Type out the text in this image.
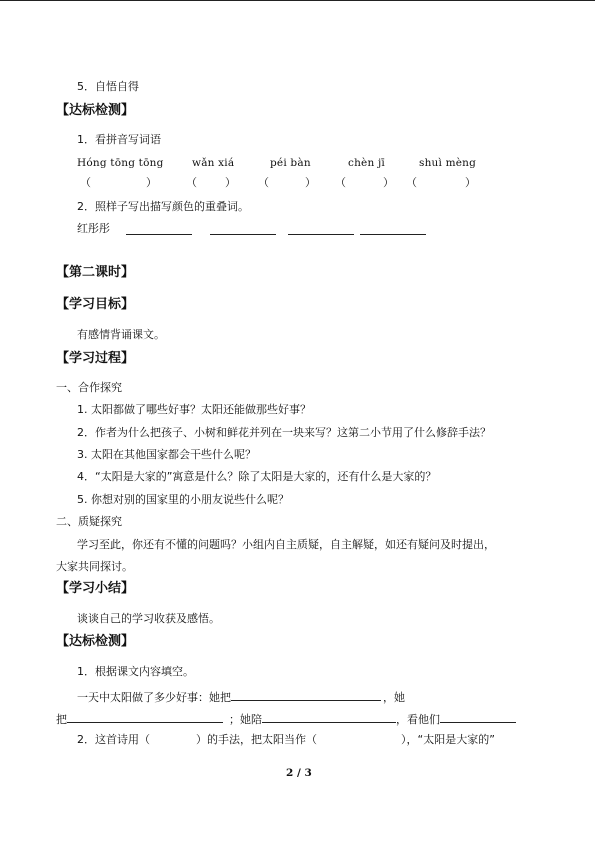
5．自悟自得
【达标检测】
1．看拼音写词语
Hóng tōng tōng	wǎn xiá	péi bàn	chèn jī	shuì mèng
（	）	（	） （	） （	） （	）
2．照样子写出描写颜色的重叠词。
红彤彤
【第二课时】
【学习目标】
有感情背诵课文。
【学习过程】
一、合作探究
1. 太阳都做了哪些好事？太阳还能做那些好事？
2．作者为什么把孩子、小树和鲜花并列在一块来写？这第二小节用了什么修辞手法？
3. 太阳在其他国家都会干些什么呢？
4．“太阳是大家的”寓意是什么？除了太阳是大家的，还有什么是大家的？
5. 你想对别的国家里的小朋友说些什么呢？
二、质疑探究
学习至此，你还有不懂的问题吗？小组内自主质疑，自主解疑，如还有疑问及时提出，
大家共同探讨。
【学习小结】
谈谈自己的学习收获及感悟。
【达标检测】
1．根据课文内容填空。
一天中太阳做了多少好事：她把	，她
把	；她陪	，看他们
2．这首诗用（	）的手法，把太阳当作（	），“太阳是大家的”
2 / 3
